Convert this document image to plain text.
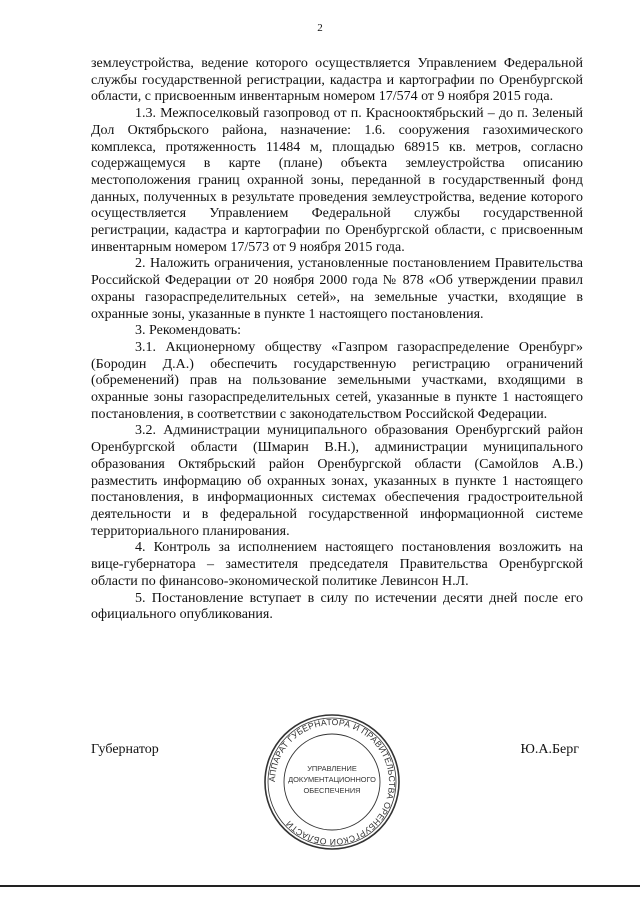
2

землеустройства, ведение которого осуществляется Управлением Федеральной службы государственной регистрации, кадастра и картографии по Оренбургской области, с присвоенным инвентарным номером 17/574 от 9 ноября 2015 года.

1.3. Межпоселковый газопровод от п. Краснооктябрьский – до п. Зеленый Дол Октябрьского района, назначение: 1.6. сооружения газохимического комплекса, протяженность 11484 м, площадью 68915 кв. метров, согласно содержащемуся в карте (плане) объекта землеустройства описанию местоположения границ охранной зоны, переданной в государственный фонд данных, полученных в результате проведения землеустройства, ведение которого осуществляется Управлением Федеральной службы государственной регистрации, кадастра и картографии по Оренбургской области, с присвоенным инвентарным номером 17/573 от 9 ноября 2015 года.

2. Наложить ограничения, установленные постановлением Правительства Российской Федерации от 20 ноября 2000 года № 878 «Об утверждении правил охраны газораспределительных сетей», на земельные участки, входящие в охранные зоны, указанные в пункте 1 настоящего постановления.

3. Рекомендовать:

3.1. Акционерному обществу «Газпром газораспределение Оренбург» (Бородин Д.А.) обеспечить государственную регистрацию ограничений (обременений) прав на пользование земельными участками, входящими в охранные зоны газораспределительных сетей, указанные в пункте 1 настоящего постановления, в соответствии с законодательством Российской Федерации.

3.2. Администрации муниципального образования Оренбургский район Оренбургской области (Шмарин В.Н.), администрации муниципального образования Октябрьский район Оренбургской области (Самойлов А.В.) разместить информацию об охранных зонах, указанных в пункте 1 настоящего постановления, в информационных системах обеспечения градостроительной деятельности и в федеральной государственной информационной системе территориального планирования.

4. Контроль за исполнением настоящего постановления возложить на вице-губернатора – заместителя председателя Правительства Оренбургской области по финансово-экономической политике Левинсон Н.Л.

5. Постановление вступает в силу по истечении десяти дней после его официального опубликования.

Губернатор	Ю.А.Берг
АППАРАТ ГУБЕРНАТОРА И ПРАВИТЕЛЬСТВА ОРЕНБУРГСКОЙ ОБЛАСТИ
УПРАВЛЕНИЕ
ДОКУМЕНТАЦИОННОГО
ОБЕСПЕЧЕНИЯ
